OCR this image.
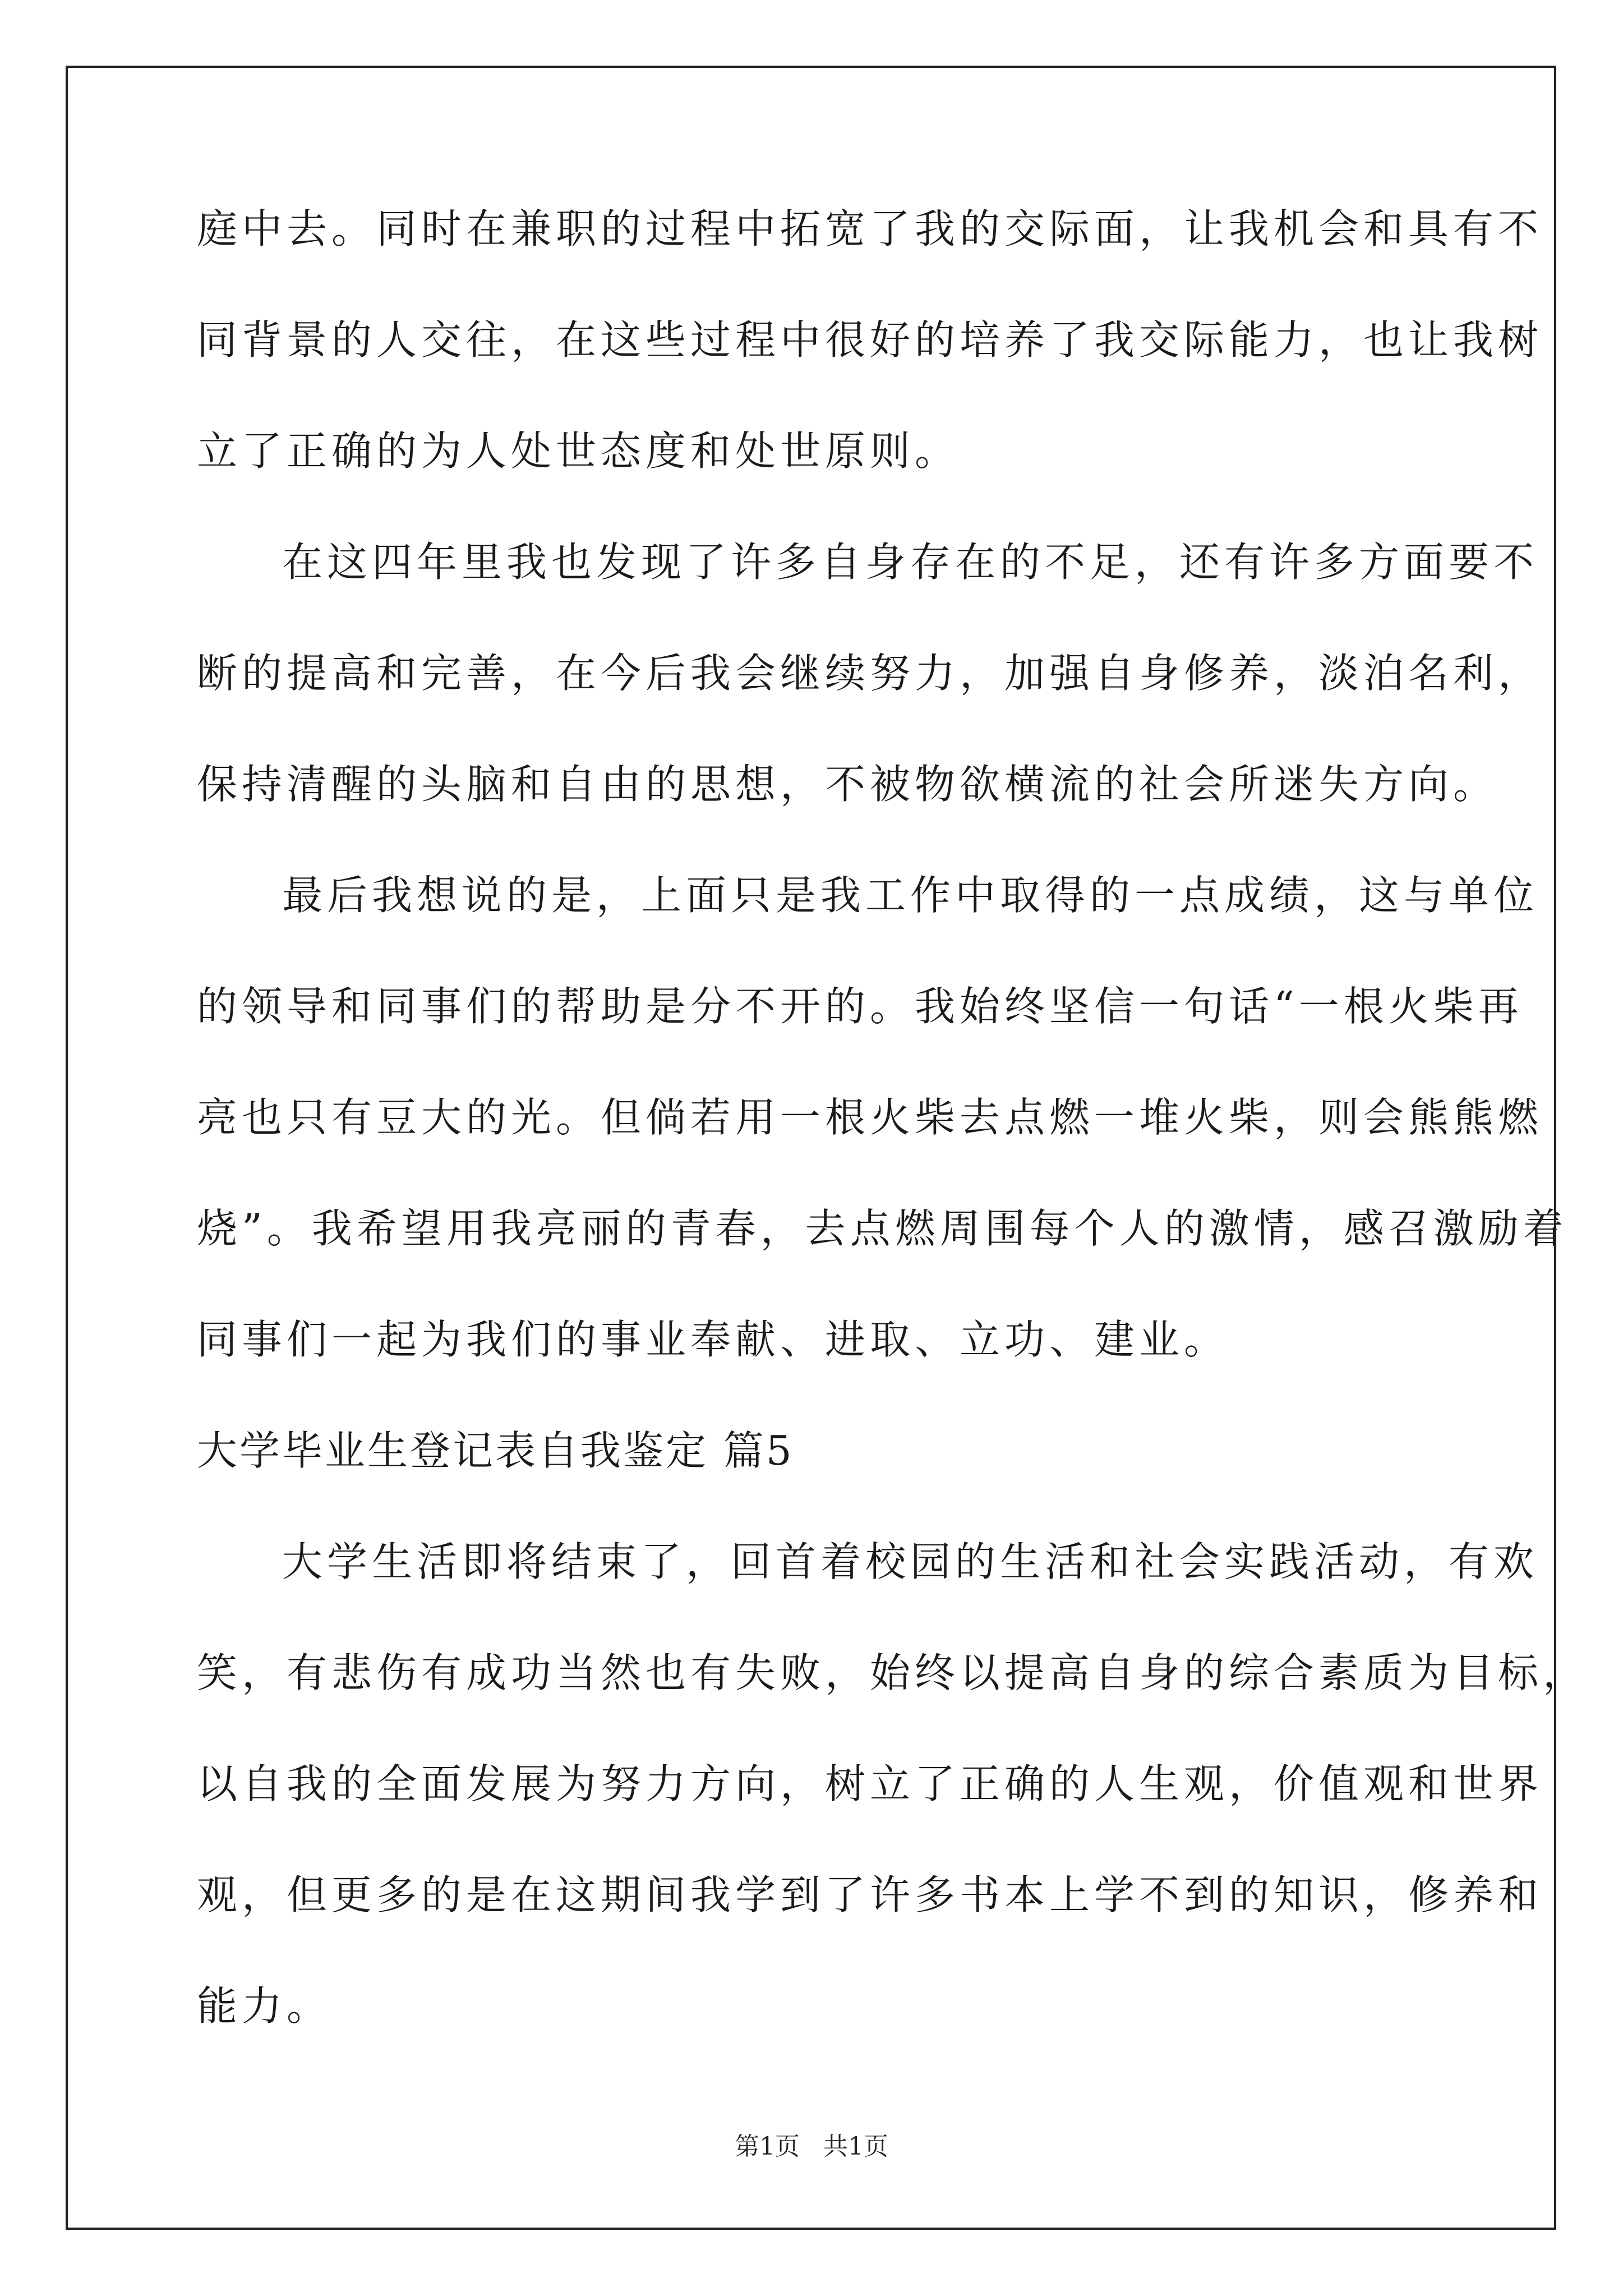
庭中去。同时在兼职的过程中拓宽了我的交际面，让我机会和具有不
同背景的人交往，在这些过程中很好的培养了我交际能力，也让我树
立了正确的为人处世态度和处世原则。
在这四年里我也发现了许多自身存在的不足，还有许多方面要不
断的提高和完善，在今后我会继续努力，加强自身修养，淡泊名利，
保持清醒的头脑和自由的思想，不被物欲横流的社会所迷失方向。
最后我想说的是，上面只是我工作中取得的一点成绩，这与单位
的领导和同事们的帮助是分不开的。我始终坚信一句话“一根火柴再
亮也只有豆大的光。但倘若用一根火柴去点燃一堆火柴，则会熊熊燃
烧”。我希望用我亮丽的青春，去点燃周围每个人的激情，感召激励着
同事们一起为我们的事业奉献、进取、立功、建业。
大学毕业生登记表自我鉴定 篇5
大学生活即将结束了，回首着校园的生活和社会实践活动，有欢
笑，有悲伤有成功当然也有失败，始终以提高自身的综合素质为目标，
以自我的全面发展为努力方向，树立了正确的人生观，价值观和世界
观，但更多的是在这期间我学到了许多书本上学不到的知识，修养和
能力。
第1页   共1页
